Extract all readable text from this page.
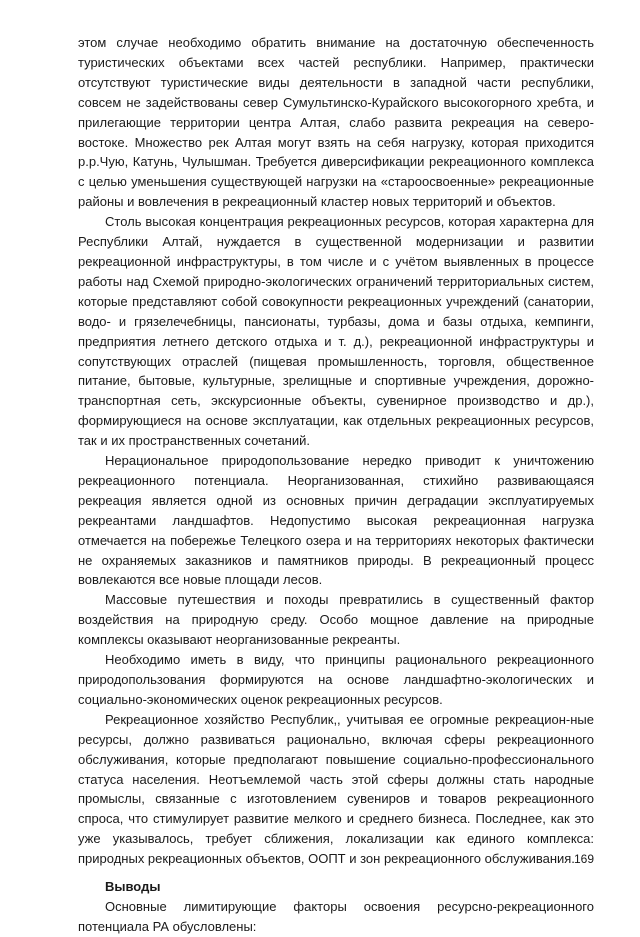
этом случае необходимо обратить внимание на достаточную обеспеченность туристических объектами всех частей республики. Например, практически отсутствуют туристические виды деятельности в западной части республики, совсем не задействованы север Сумультинско-Курайского высокогорного хребта, и прилегающие территории центра Алтая, слабо развита рекреация на северо-востоке. Множество рек Алтая могут взять на себя нагрузку, которая приходится р.р.Чую, Катунь, Чулышман. Требуется диверсификации рекреационного комплекса с целью уменьшения существующей нагрузки на «староосвоенные» рекреационные районы и вовлечения в рекреационный кластер новых территорий и объектов.

Столь высокая концентрация рекреационных ресурсов, которая характерна для Республики Алтай, нуждается в существенной модернизации и развитии рекреационной инфраструктуры, в том числе и с учётом выявленных в процессе работы над Схемой природно-экологических ограничений территориальных систем, которые представляют собой совокупности рекреационных учреждений (санатории, водо- и грязелечебницы, пансионаты, турбазы, дома и базы отдыха, кемпинги, предприятия летнего детского отдыха и т. д.), рекреационной инфраструктуры и сопутствующих отраслей (пищевая промышленность, торговля, общественное питание, бытовые, культурные, зрелищные и спортивные учреждения, дорожно-транспортная сеть, экскурсионные объекты, сувенирное производство и др.), формирующиеся на основе эксплуатации, как отдельных рекреационных ресурсов, так и их пространственных сочетаний.

Нерациональное природопользование нередко приводит к уничтожению рекреационного потенциала. Неорганизованная, стихийно развивающаяся рекреация является одной из основных причин деградации эксплуатируемых рекреантами ландшафтов. Недопустимо высокая рекреационная нагрузка отмечается на побережье Телецкого озера и на территориях некоторых фактически не охраняемых заказников и памятников природы. В рекреационный процесс вовлекаются все новые площади лесов.

Массовые путешествия и походы превратились в существенный фактор воздействия на природную среду. Особо мощное давление на природные комплексы оказывают неорганизованные рекреанты.

Необходимо иметь в виду, что принципы рационального рекреационного природопользования формируются на основе ландшафтно-экологических и социально-экономических оценок рекреационных ресурсов.

Рекреационное хозяйство Республик,, учитывая ее огромные рекреацион-ные ресурсы, должно развиваться рационально, включая сферы рекреационного обслуживания, которые предполагают повышение социально-профессионального статуса населения. Неотъемлемой часть этой сферы должны стать народные промыслы, связанные с изготовлением сувениров и товаров рекреационного спроса, что стимулирует развитие мелкого и среднего бизнеса. Последнее, как это уже указывалось, требует сближения, локализации как единого комплекса: природных рекреационных объектов, ООПТ и зон рекреационного обслуживания.

Выводы

Основные лимитирующие факторы освоения ресурсно-рекреационного потенциала РА обусловлены:

169
